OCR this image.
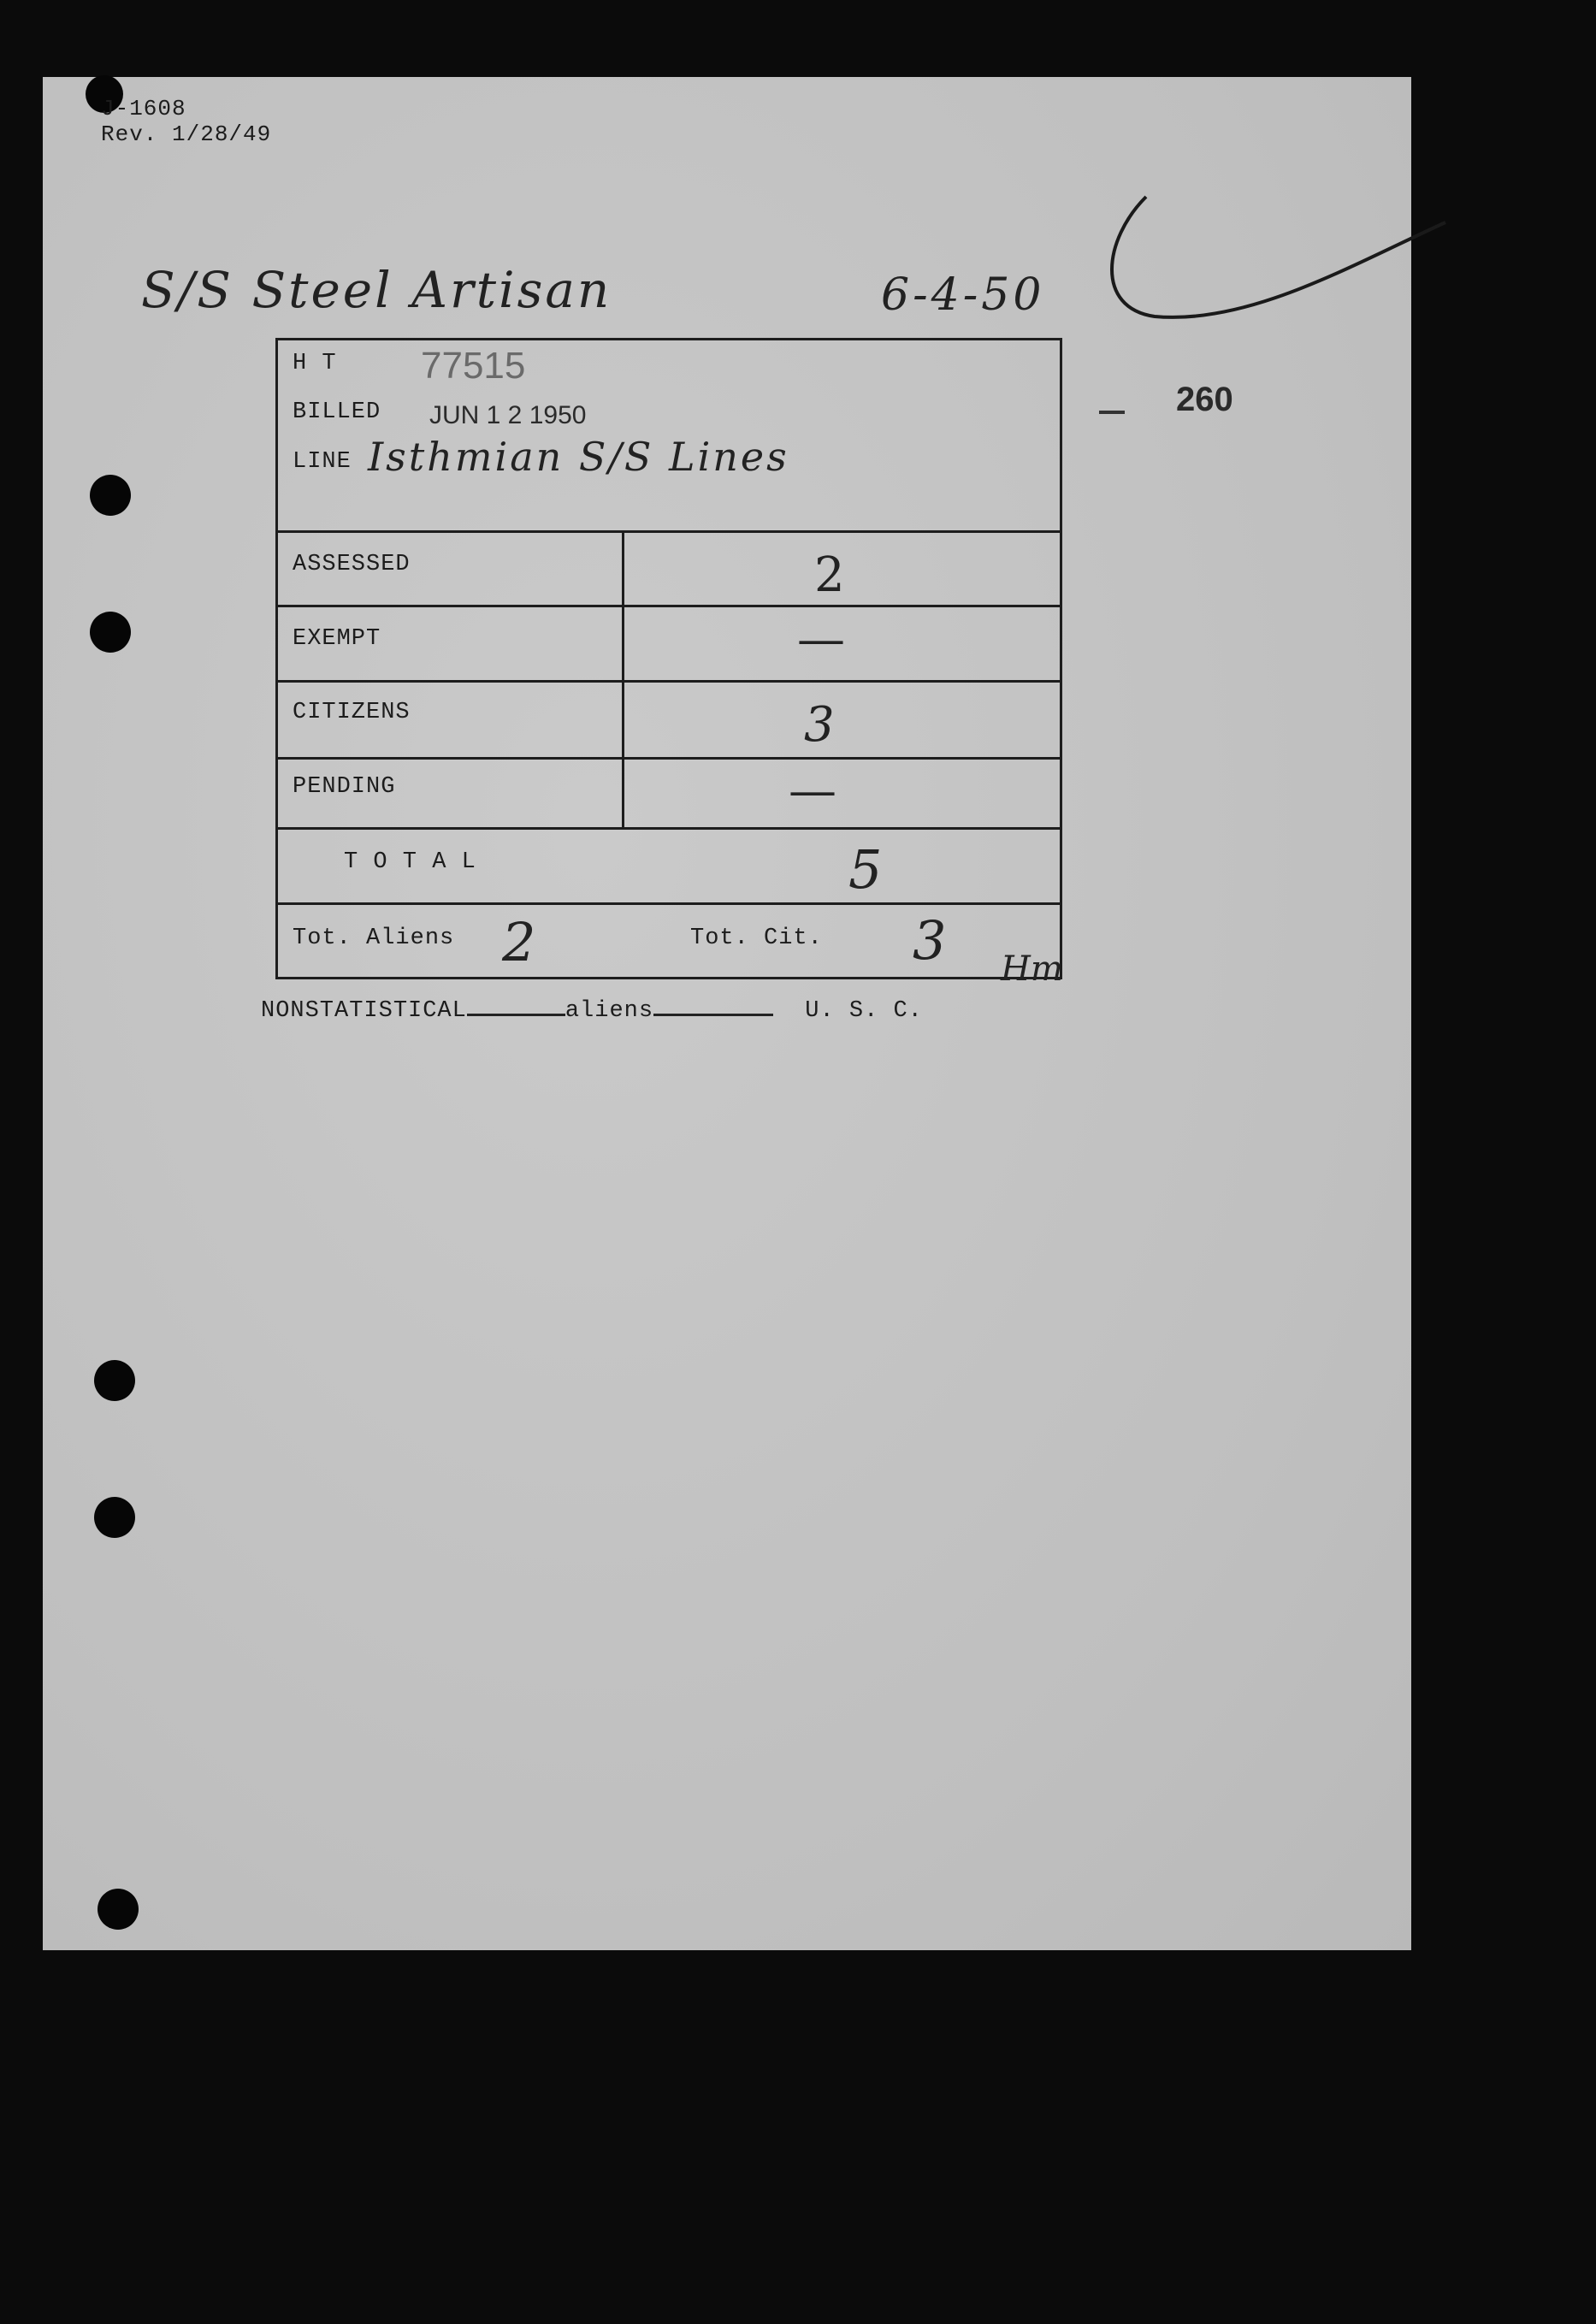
J-1608
Rev. 1/28/49
S/S Steel Artisan	6-4-50
260
H T 77515
BILLED JUN 1 2 1950
LINE Isthmian S/S Lines
ASSESSED	2
EXEMPT	—
CITIZENS	3
PENDING	—
T O T A L	5
Tot. Aliens 2	Tot. Cit. 3 Hm
NONSTATISTICAL	aliens	U. S. C.
